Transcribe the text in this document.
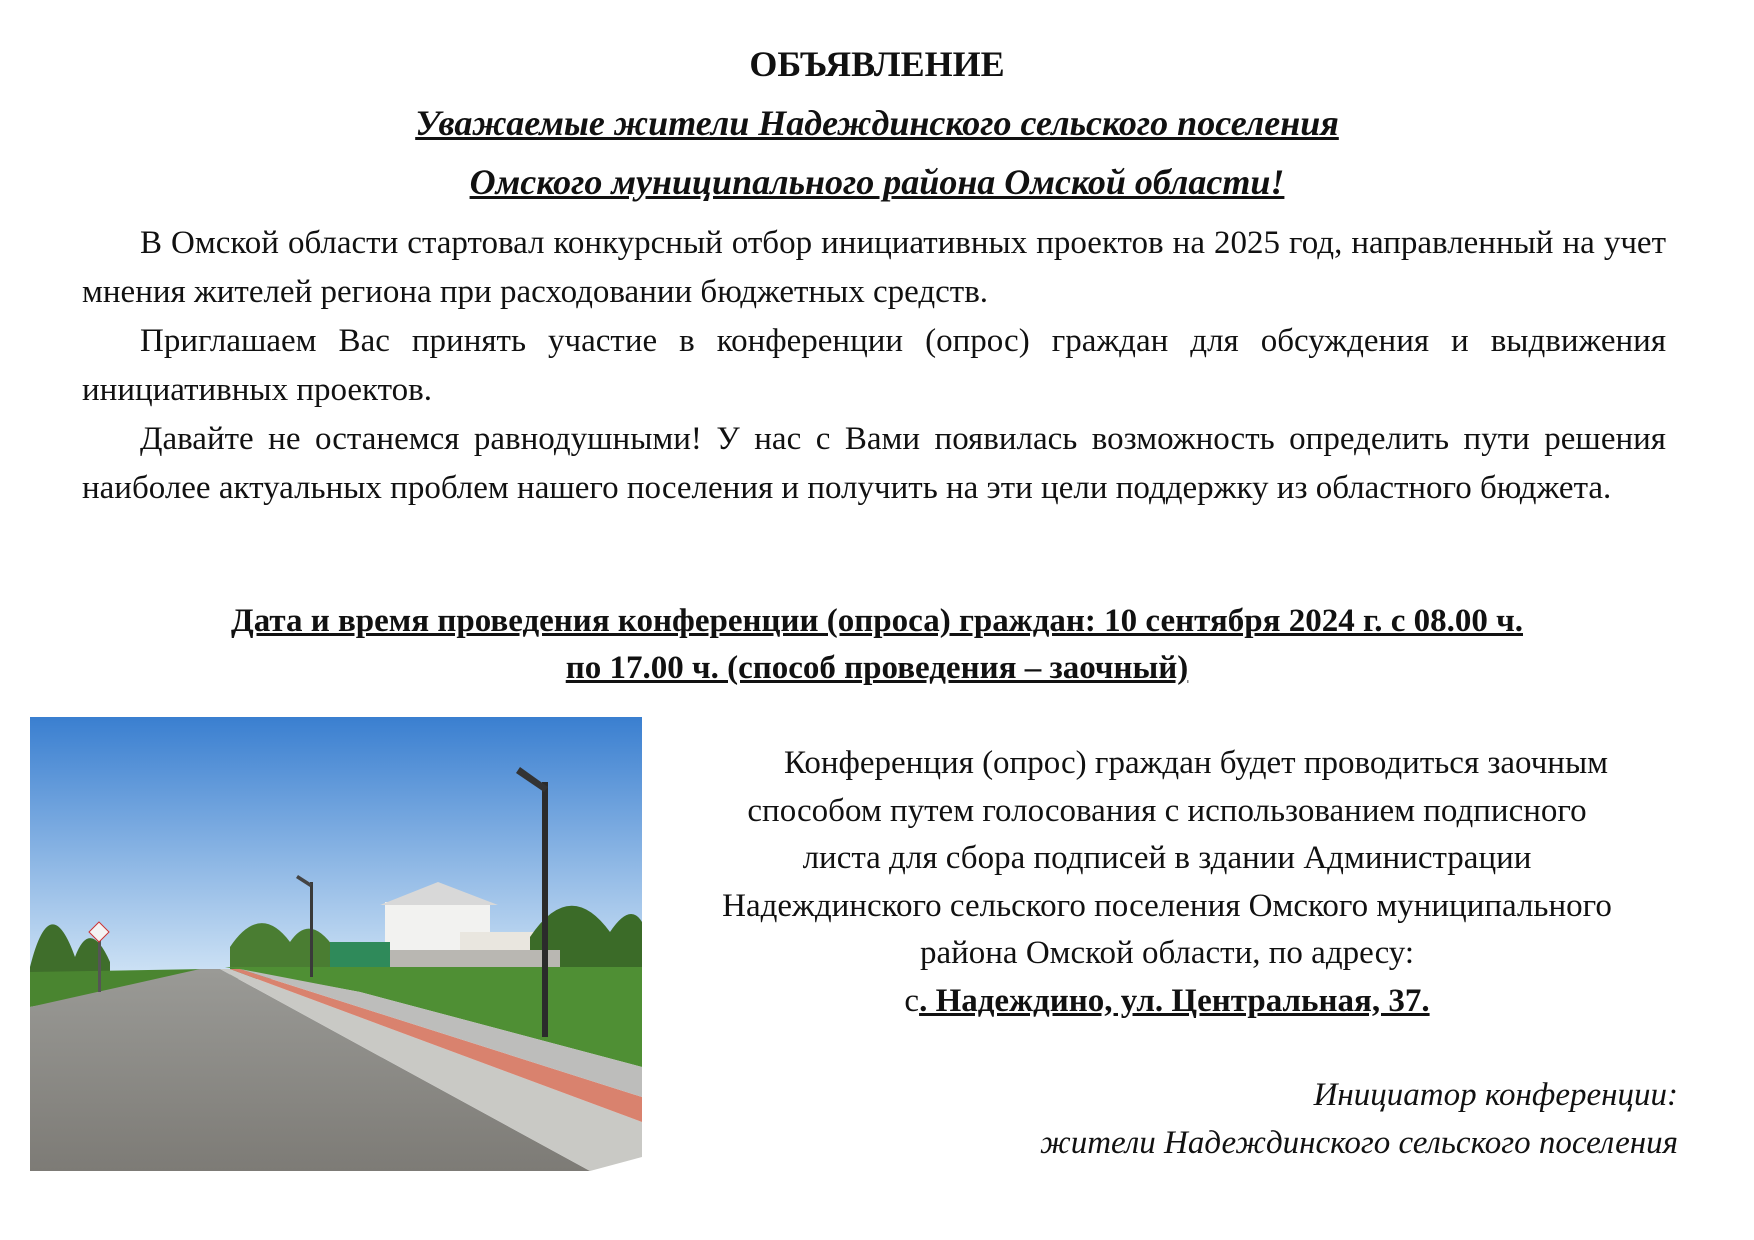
ОБЪЯВЛЕНИЕ
Уважаемые жители Надеждинского сельского поселения
Омского муниципального района Омской области!

В Омской области стартовал конкурсный отбор инициативных проектов на 2025 год, направленный на учет мнения жителей региона при расходовании бюджетных средств.

Приглашаем Вас принять участие в конференции (опрос) граждан для обсуждения и выдвижения инициативных проектов.

Давайте не останемся равнодушными! У нас с Вами появилась возможность определить пути решения наиболее актуальных проблем нашего поселения и получить на эти цели поддержку из областного бюджета.

Дата и время проведения конференции (опроса) граждан: 10 сентября 2024 г. с 08.00 ч.
по 17.00 ч. (способ проведения – заочный)
Конференция (опрос) граждан будет проводиться заочным
способом путем голосования с использованием подписного
листа для сбора подписей в здании Администрации
Надеждинского сельского поселения Омского муниципального
района Омской области, по адресу:
с. Надеждино, ул. Центральная, 37.
Инициатор конференции:
жители Надеждинского сельского поселения
